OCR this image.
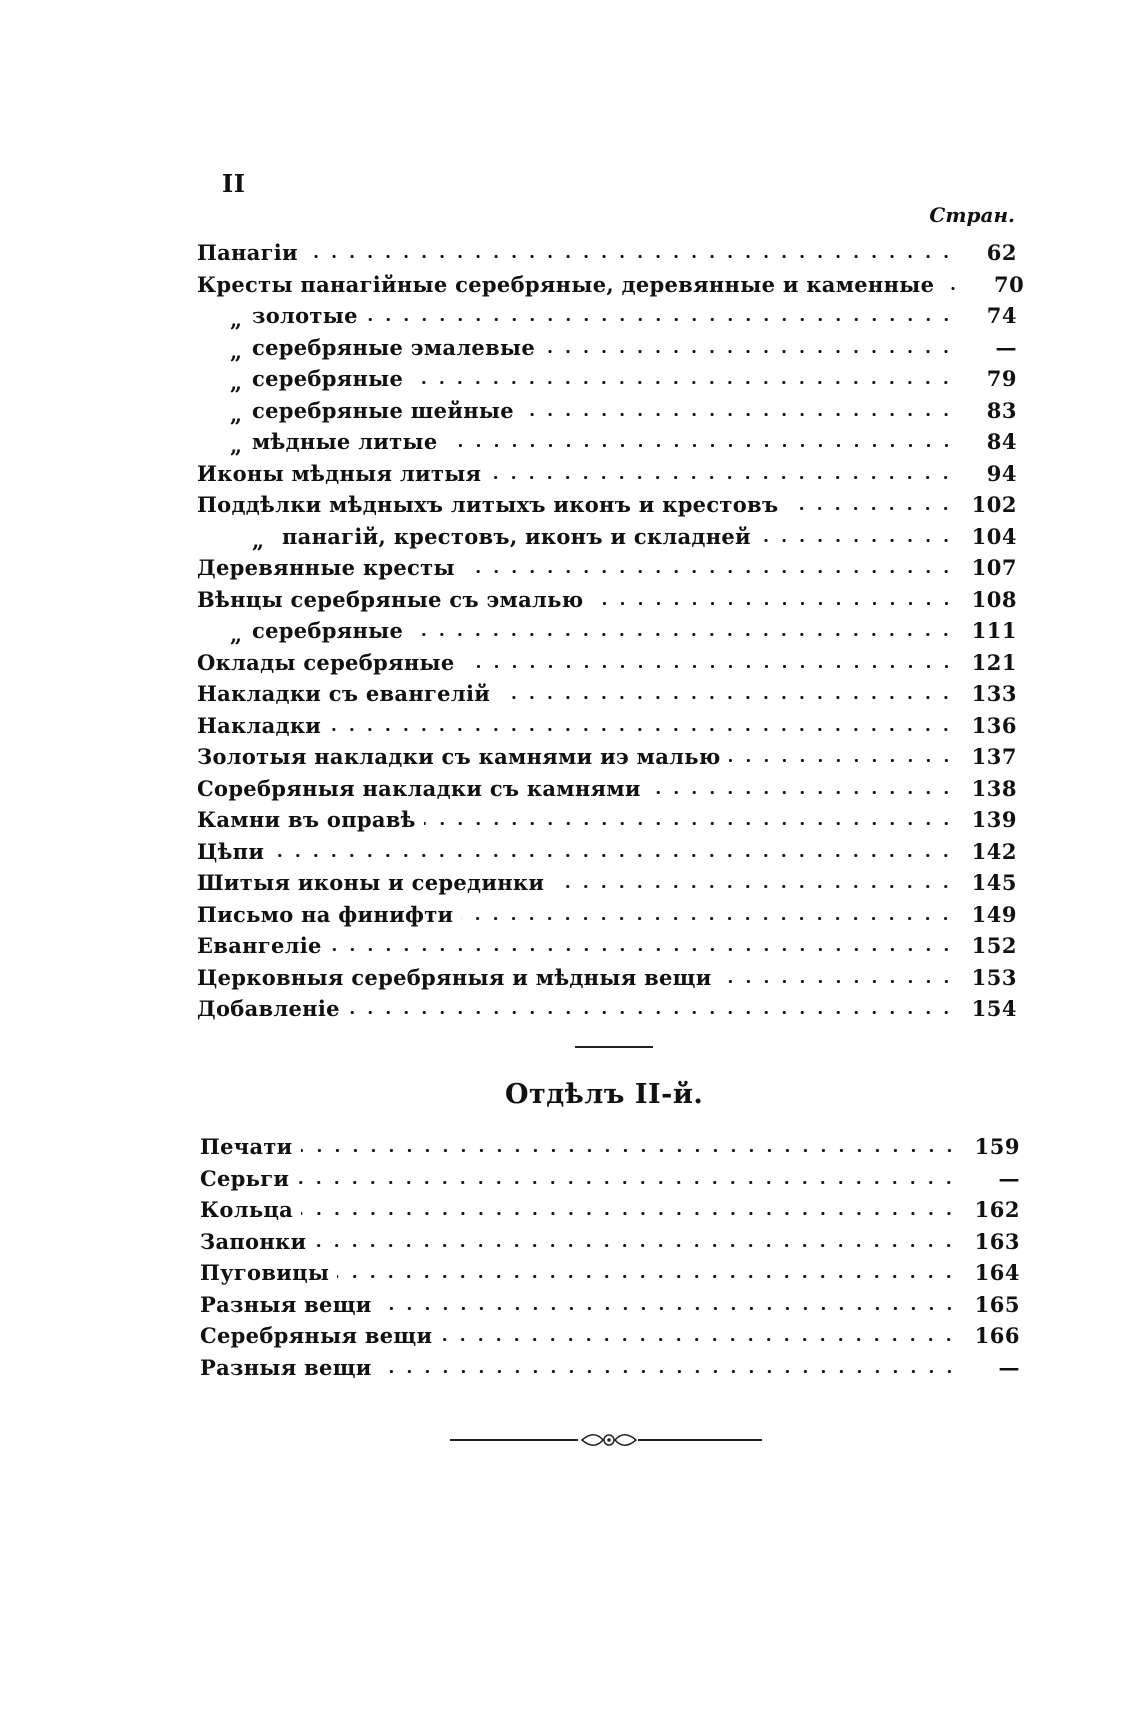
II
Стран.
Панагіи	62
Кресты панагійные серебряные, деревянные и каменные	70
„ золотые	74
„ серебряные эмалевые	—
„ серебряные	79
„ серебряные шейные	83
„ мѣдные литые	84
Иконы мѣдныя литыя	94
Поддѣлки мѣдныхъ литыхъ иконъ и крестовъ	102
„ панагій, крестовъ, иконъ и складней	104
Деревянные кресты	107
Вѣнцы серебряные съ эмалью	108
„ серебряные	111
Оклады серебряные	121
Накладки съ евангелій	133
Накладки	136
Золотыя накладки съ камнями иэ малью	137
Соребряныя накладки съ камнями	138
Камни въ оправѣ	139
Цѣпи	142
Шитыя иконы и серединки	145
Письмо на финифти	149
Евангеліе	152
Церковныя серебряныя и мѣдныя вещи	153
Добавленіе	154
Отдѣлъ II-й.
Печати	159
Серьги	—
Кольца	162
Запонки	163
Пуговицы	164
Разныя вещи	165
Серебряныя вещи	166
Разныя вещи	—
